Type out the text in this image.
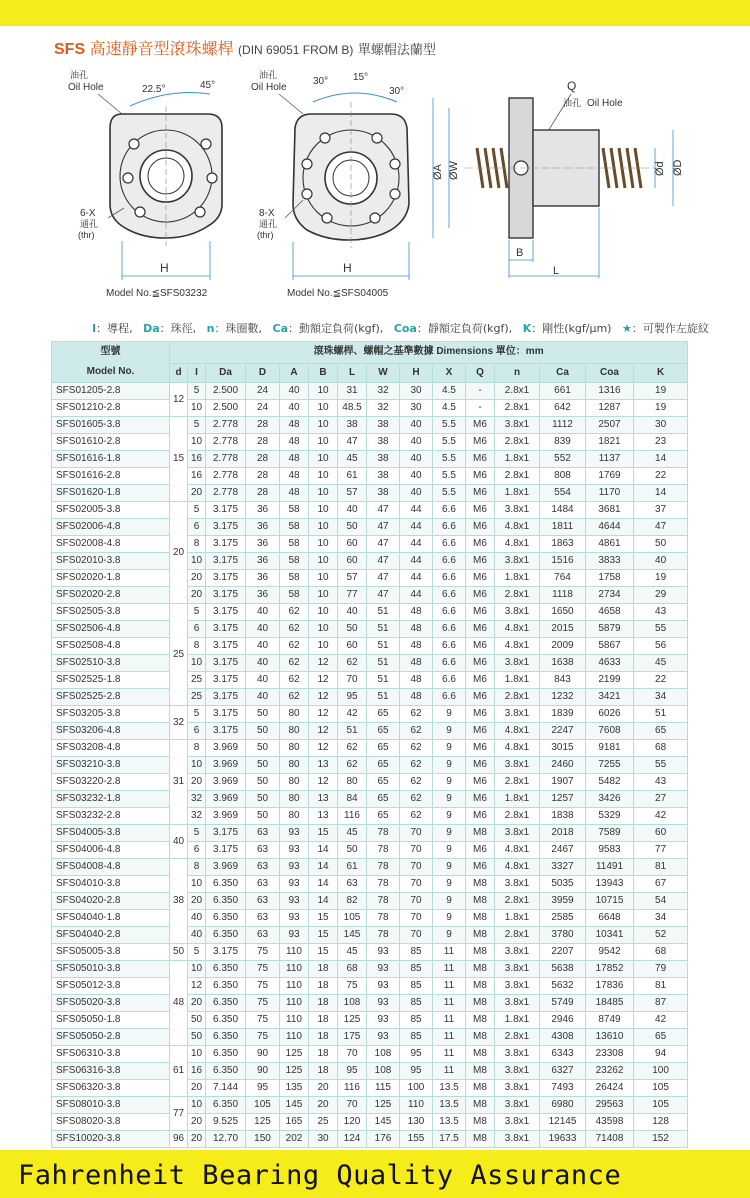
SFS 高速靜音型滾珠螺桿 (DIN 69051 FROM B) 單螺帽法蘭型
油孔
Oil Hole	22.5°	45°
6-X
通孔
(thr)
H
Model No.≦SFS03232
油孔
Oil Hole
30° 15°
30°
8-X
通孔
(thr)
H
Model No.≦SFS04005
Q
油孔 Oil Hole
ØA ØW	Ød ØD
B
L
I：導程, Da：珠徑, n：珠圈數, Ca：動額定負荷(kgf), Coa：靜額定負荷(kgf), K：剛性(kgf/μm) ★：可製作左旋紋
型號
Model No.	滾珠螺桿、螺帽之基準數據 Dimensions 單位：mm														
	d	I	Da	D	A	B	L	W	H	X	Q	n	Ca	Coa	K
SFS01205-2.8	12	5	2.500	24	40	10	31	32	30	4.5	-	2.8x1	661	1316	19
SFS01210-2.8		10	2.500	24	40	10	48.5	32	30	4.5	-	2.8x1	642	1287	19
SFS01605-3.8	15	5	2.778	28	48	10	38	38	40	5.5	M6	3.8x1	1112	2507	30
SFS01610-2.8		10	2.778	28	48	10	47	38	40	5.5	M6	2.8x1	839	1821	23
SFS01616-1.8		16	2.778	28	48	10	45	38	40	5.5	M6	1.8x1	552	1137	14
SFS01616-2.8		16	2.778	28	48	10	61	38	40	5.5	M6	2.8x1	808	1769	22
SFS01620-1.8		20	2.778	28	48	10	57	38	40	5.5	M6	1.8x1	554	1170	14
SFS02005-3.8	20	5	3.175	36	58	10	40	47	44	6.6	M6	3.8x1	1484	3681	37
SFS02006-4.8		6	3.175	36	58	10	50	47	44	6.6	M6	4.8x1	1811	4644	47
SFS02008-4.8		8	3.175	36	58	10	60	47	44	6.6	M6	4.8x1	1863	4861	50
SFS02010-3.8		10	3.175	36	58	10	60	47	44	6.6	M6	3.8x1	1516	3833	40
SFS02020-1.8		20	3.175	36	58	10	57	47	44	6.6	M6	1.8x1	764	1758	19
SFS02020-2.8		20	3.175	36	58	10	77	47	44	6.6	M6	2.8x1	1118	2734	29
SFS02505-3.8	25	5	3.175	40	62	10	40	51	48	6.6	M6	3.8x1	1650	4658	43
SFS02506-4.8		6	3.175	40	62	10	50	51	48	6.6	M6	4.8x1	2015	5879	55
SFS02508-4.8		8	3.175	40	62	10	60	51	48	6.6	M6	4.8x1	2009	5867	56
SFS02510-3.8		10	3.175	40	62	12	62	51	48	6.6	M6	3.8x1	1638	4633	45
SFS02525-1.8		25	3.175	40	62	12	70	51	48	6.6	M6	1.8x1	843	2199	22
SFS02525-2.8		25	3.175	40	62	12	95	51	48	6.6	M6	2.8x1	1232	3421	34
SFS03205-3.8	32	5	3.175	50	80	12	42	65	62	9	M6	3.8x1	1839	6026	51
SFS03206-4.8		6	3.175	50	80	12	51	65	62	9	M6	4.8x1	2247	7608	65
SFS03208-4.8	31	8	3.969	50	80	12	62	65	62	9	M6	4.8x1	3015	9181	68
SFS03210-3.8		10	3.969	50	80	13	62	65	62	9	M6	3.8x1	2460	7255	55
SFS03220-2.8		20	3.969	50	80	12	80	65	62	9	M6	2.8x1	1907	5482	43
SFS03232-1.8		32	3.969	50	80	13	84	65	62	9	M6	1.8x1	1257	3426	27
SFS03232-2.8		32	3.969	50	80	13	116	65	62	9	M6	2.8x1	1838	5329	42
SFS04005-3.8	40	5	3.175	63	93	15	45	78	70	9	M8	3.8x1	2018	7589	60
SFS04006-4.8		6	3.175	63	93	14	50	78	70	9	M6	4.8x1	2467	9583	77
SFS04008-4.8	38	8	3.969	63	93	14	61	78	70	9	M6	4.8x1	3327	11491	81
SFS04010-3.8		10	6.350	63	93	14	63	78	70	9	M8	3.8x1	5035	13943	67
SFS04020-2.8		20	6.350	63	93	14	82	78	70	9	M8	2.8x1	3959	10715	54
SFS04040-1.8		40	6.350	63	93	15	105	78	70	9	M8	1.8x1	2585	6648	34
SFS04040-2.8		40	6.350	63	93	15	145	78	70	9	M8	2.8x1	3780	10341	52
SFS05005-3.8	50	5	3.175	75	110	15	45	93	85	11	M8	3.8x1	2207	9542	68
SFS05010-3.8	48	10	6.350	75	110	18	68	93	85	11	M8	3.8x1	5638	17852	79
SFS05012-3.8		12	6.350	75	110	18	75	93	85	11	M8	3.8x1	5632	17836	81
SFS05020-3.8		20	6.350	75	110	18	108	93	85	11	M8	3.8x1	5749	18485	87
SFS05050-1.8		50	6.350	75	110	18	125	93	85	11	M8	1.8x1	2946	8749	42
SFS05050-2.8		50	6.350	75	110	18	175	93	85	11	M8	2.8x1	4308	13610	65
SFS06310-3.8	61	10	6.350	90	125	18	70	108	95	11	M8	3.8x1	6343	23308	94
SFS06316-3.8		16	6.350	90	125	18	95	108	95	11	M8	3.8x1	6327	23262	100
SFS06320-3.8		20	7.144	95	135	20	116	115	100	13.5	M8	3.8x1	7493	26424	105
SFS08010-3.8	77	10	6.350	105	145	20	70	125	110	13.5	M8	3.8x1	6980	29563	105
SFS08020-3.8		20	9.525	125	165	25	120	145	130	13.5	M8	3.8x1	12145	43598	128
SFS10020-3.8	96	20	12.70	150	202	30	124	176	155	17.5	M8	3.8x1	19633	71408	152
Fahrenheit Bearing Quality Assurance
